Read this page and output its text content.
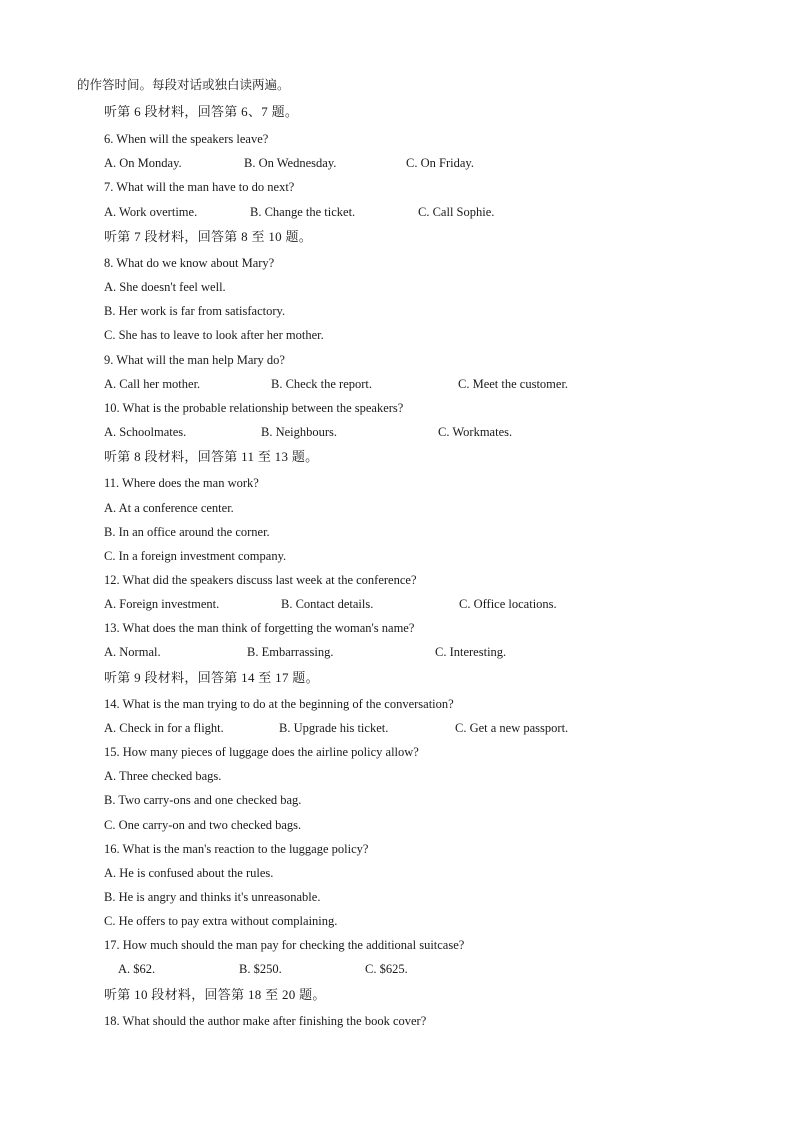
的作答时间。每段对话或独白读两遍。
听第 6 段材料，回答第 6、7 题。
6. When will the speakers leave?
A. On Monday.	B. On Wednesday.	C. On Friday.
7. What will the man have to do next?
A. Work overtime.	B. Change the ticket.	C. Call Sophie.
听第 7 段材料，回答第 8 至 10 题。
8. What do we know about Mary?
A. She doesn't feel well.
B. Her work is far from satisfactory.
C. She has to leave to look after her mother.
9. What will the man help Mary do?
A. Call her mother.	B. Check the report.	C. Meet the customer.
10. What is the probable relationship between the speakers?
A. Schoolmates.	B. Neighbours.	C. Workmates.
听第 8 段材料，回答第 11 至 13 题。
11. Where does the man work?
A. At a conference center.
B. In an office around the corner.
C. In a foreign investment company.
12. What did the speakers discuss last week at the conference?
A. Foreign investment.	B. Contact details.	C. Office locations.
13. What does the man think of forgetting the woman's name?
A. Normal.	B. Embarrassing.	C. Interesting.
听第 9 段材料，回答第 14 至 17 题。
14. What is the man trying to do at the beginning of the conversation?
A. Check in for a flight.	B. Upgrade his ticket.	C. Get a new passport.
15. How many pieces of luggage does the airline policy allow?
A. Three checked bags.
B. Two carry-ons and one checked bag.
C. One carry-on and two checked bags.
16. What is the man's reaction to the luggage policy?
A. He is confused about the rules.
B. He is angry and thinks it's unreasonable.
C. He offers to pay extra without complaining.
17. How much should the man pay for checking the additional suitcase?
A. $62.	B. $250.	C. $625.
听第 10 段材料，回答第 18 至 20 题。
18. What should the author make after finishing the book cover?
